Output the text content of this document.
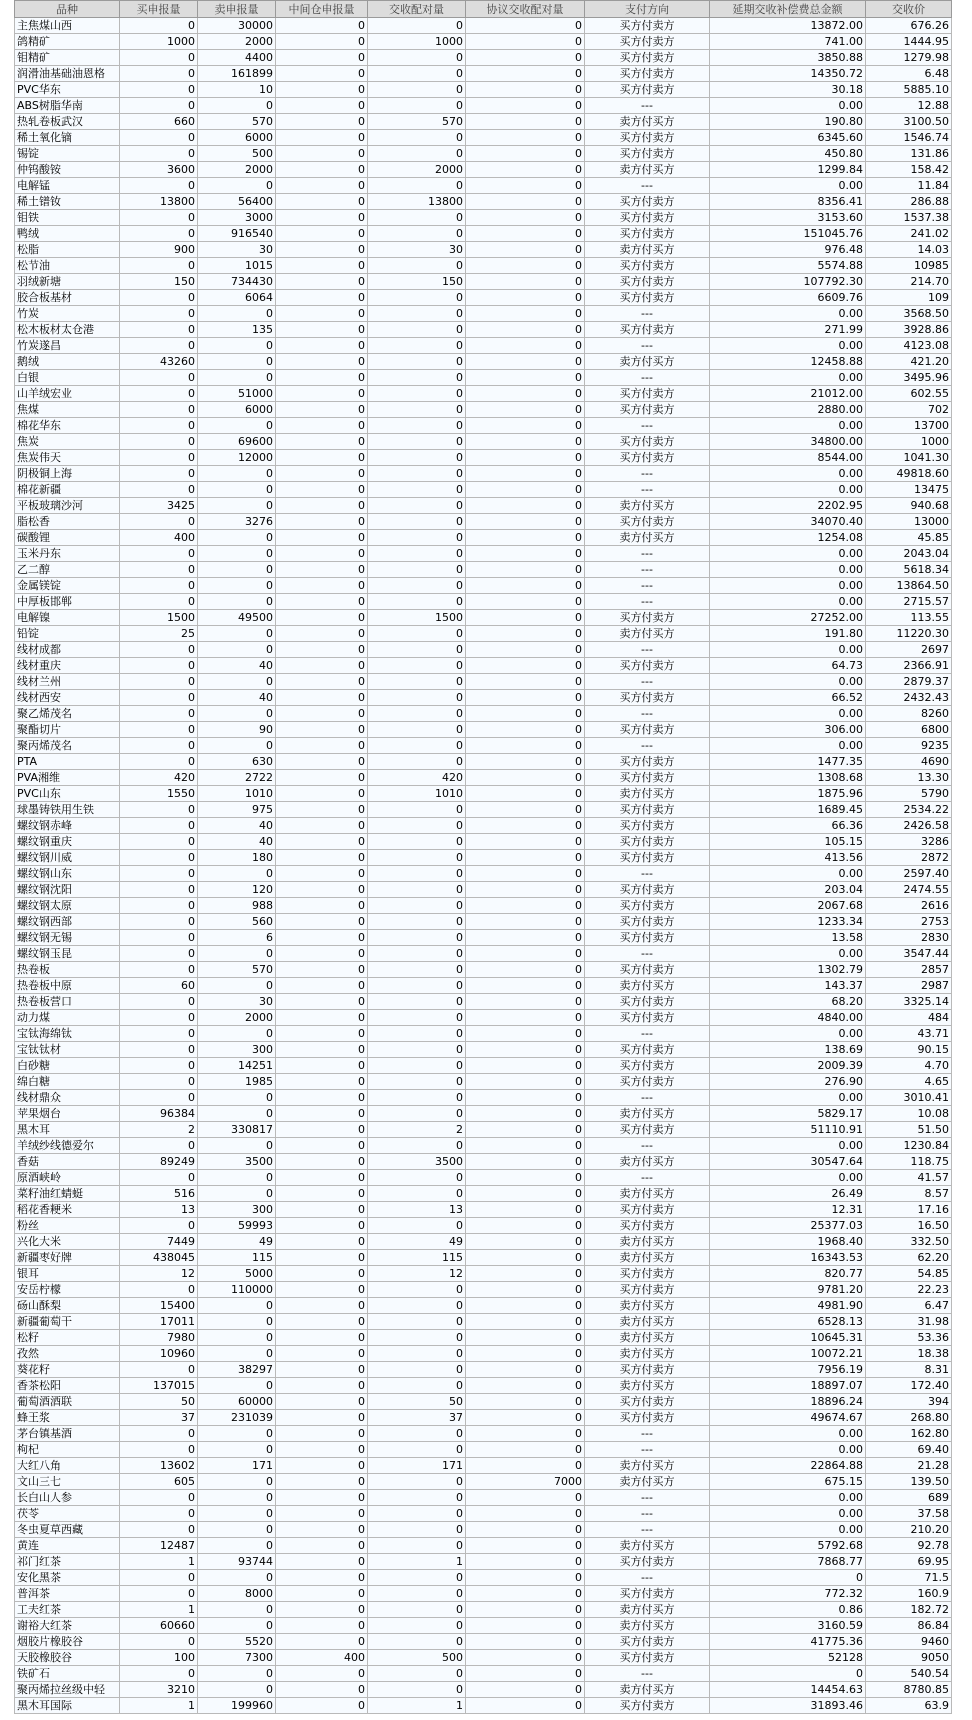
品种	买申报量	卖申报量	中间仓申报量	交收配对量	协议交收配对量	支付方向	延期交收补偿费总金额	交收价
主焦煤山西	0	30000	0	0	0	买方付卖方	13872.00	676.26
鸽精矿	1000	2000	0	1000	0	买方付卖方	741.00	1444.95
钼精矿	0	4400	0	0	0	买方付卖方	3850.88	1279.98
润滑油基础油恩格	0	161899	0	0	0	买方付卖方	14350.72	6.48
PVC华东	0	10	0	0	0	买方付卖方	30.18	5885.10
ABS树脂华南	0	0	0	0	0	---	0.00	12.88
热轧卷板武汉	660	570	0	570	0	卖方付买方	190.80	3100.50
稀土氧化镝	0	6000	0	0	0	买方付卖方	6345.60	1546.74
锡锭	0	500	0	0	0	买方付卖方	450.80	131.86
仲钨酸铵	3600	2000	0	2000	0	卖方付买方	1299.84	158.42
电解锰	0	0	0	0	0	---	0.00	11.84
稀土镨钕	13800	56400	0	13800	0	买方付卖方	8356.41	286.88
钼铁	0	3000	0	0	0	买方付卖方	3153.60	1537.38
鸭绒	0	916540	0	0	0	买方付卖方	151045.76	241.02
松脂	900	30	0	30	0	卖方付买方	976.48	14.03
松节油	0	1015	0	0	0	买方付卖方	5574.88	10985
羽绒新塘	150	734430	0	150	0	买方付卖方	107792.30	214.70
胶合板基材	0	6064	0	0	0	买方付卖方	6609.76	109
竹炭	0	0	0	0	0	---	0.00	3568.50
松木板材太仓港	0	135	0	0	0	买方付卖方	271.99	3928.86
竹炭遂昌	0	0	0	0	0	---	0.00	4123.08
鹅绒	43260	0	0	0	0	卖方付买方	12458.88	421.20
白银	0	0	0	0	0	---	0.00	3495.96
山羊绒宏业	0	51000	0	0	0	买方付卖方	21012.00	602.55
焦煤	0	6000	0	0	0	买方付卖方	2880.00	702
棉花华东	0	0	0	0	0	---	0.00	13700
焦炭	0	69600	0	0	0	买方付卖方	34800.00	1000
焦炭伟天	0	12000	0	0	0	买方付卖方	8544.00	1041.30
阴极铜上海	0	0	0	0	0	---	0.00	49818.60
棉花新疆	0	0	0	0	0	---	0.00	13475
平板玻璃沙河	3425	0	0	0	0	卖方付买方	2202.95	940.68
脂松香	0	3276	0	0	0	买方付卖方	34070.40	13000
碳酸锂	400	0	0	0	0	卖方付买方	1254.08	45.85
玉米丹东	0	0	0	0	0	---	0.00	2043.04
乙二醇	0	0	0	0	0	---	0.00	5618.34
金属镁锭	0	0	0	0	0	---	0.00	13864.50
中厚板邯郸	0	0	0	0	0	---	0.00	2715.57
电解镍	1500	49500	0	1500	0	买方付卖方	27252.00	113.55
铅锭	25	0	0	0	0	卖方付买方	191.80	11220.30
线材成都	0	0	0	0	0	---	0.00	2697
线材重庆	0	40	0	0	0	买方付卖方	64.73	2366.91
线材兰州	0	0	0	0	0	---	0.00	2879.37
线材西安	0	40	0	0	0	买方付卖方	66.52	2432.43
聚乙烯茂名	0	0	0	0	0	---	0.00	8260
聚酯切片	0	90	0	0	0	买方付卖方	306.00	6800
聚丙烯茂名	0	0	0	0	0	---	0.00	9235
PTA	0	630	0	0	0	买方付卖方	1477.35	4690
PVA湘维	420	2722	0	420	0	买方付卖方	1308.68	13.30
PVC山东	1550	1010	0	1010	0	卖方付买方	1875.96	5790
球墨铸铁用生铁	0	975	0	0	0	买方付卖方	1689.45	2534.22
螺纹钢赤峰	0	40	0	0	0	买方付卖方	66.36	2426.58
螺纹钢重庆	0	40	0	0	0	买方付卖方	105.15	3286
螺纹钢川威	0	180	0	0	0	买方付卖方	413.56	2872
螺纹钢山东	0	0	0	0	0	---	0.00	2597.40
螺纹钢沈阳	0	120	0	0	0	买方付卖方	203.04	2474.55
螺纹钢太原	0	988	0	0	0	买方付卖方	2067.68	2616
螺纹钢西部	0	560	0	0	0	买方付卖方	1233.34	2753
螺纹钢无锡	0	6	0	0	0	买方付卖方	13.58	2830
螺纹钢玉昆	0	0	0	0	0	---	0.00	3547.44
热卷板	0	570	0	0	0	买方付卖方	1302.79	2857
热卷板中原	60	0	0	0	0	卖方付买方	143.37	2987
热卷板营口	0	30	0	0	0	买方付卖方	68.20	3325.14
动力煤	0	2000	0	0	0	买方付卖方	4840.00	484
宝钛海绵钛	0	0	0	0	0	---	0.00	43.71
宝钛钛材	0	300	0	0	0	买方付卖方	138.69	90.15
白砂糖	0	14251	0	0	0	买方付卖方	2009.39	4.70
绵白糖	0	1985	0	0	0	买方付卖方	276.90	4.65
线材鼎众	0	0	0	0	0	---	0.00	3010.41
苹果烟台	96384	0	0	0	0	卖方付买方	5829.17	10.08
黑木耳	2	330817	0	2	0	买方付卖方	51110.91	51.50
羊绒纱线德爱尔	0	0	0	0	0	---	0.00	1230.84
香菇	89249	3500	0	3500	0	卖方付买方	30547.64	118.75
原酒峡岭	0	0	0	0	0	---	0.00	41.57
菜籽油红蜻蜓	516	0	0	0	0	卖方付买方	26.49	8.57
稻花香粳米	13	300	0	13	0	买方付卖方	12.31	17.16
粉丝	0	59993	0	0	0	买方付卖方	25377.03	16.50
兴化大米	7449	49	0	49	0	卖方付买方	1968.40	332.50
新疆枣好牌	438045	115	0	115	0	卖方付买方	16343.53	62.20
银耳	12	5000	0	12	0	买方付卖方	820.77	54.85
安岳柠檬	0	110000	0	0	0	买方付卖方	9781.20	22.23
砀山酥梨	15400	0	0	0	0	卖方付买方	4981.90	6.47
新疆葡萄干	17011	0	0	0	0	卖方付买方	6528.13	31.98
松籽	7980	0	0	0	0	卖方付买方	10645.31	53.36
孜然	10960	0	0	0	0	卖方付买方	10072.21	18.38
葵花籽	0	38297	0	0	0	买方付卖方	7956.19	8.31
香茶松阳	137015	0	0	0	0	卖方付买方	18897.07	172.40
葡萄酒酒联	50	60000	0	50	0	买方付卖方	18896.24	394
蜂王浆	37	231039	0	37	0	买方付卖方	49674.67	268.80
茅台镇基酒	0	0	0	0	0	---	0.00	162.80
枸杞	0	0	0	0	0	---	0.00	69.40
大红八角	13602	171	0	171	0	卖方付买方	22864.88	21.28
文山三七	605	0	0	0	7000	卖方付买方	675.15	139.50
长白山人参	0	0	0	0	0	---	0.00	689
茯苓	0	0	0	0	0	---	0.00	37.58
冬虫夏草西藏	0	0	0	0	0	---	0.00	210.20
黄连	12487	0	0	0	0	卖方付买方	5792.68	92.78
祁门红茶	1	93744	0	1	0	买方付卖方	7868.77	69.95
安化黑茶	0	0	0	0	0	---	0	71.5
普洱茶	0	8000	0	0	0	买方付卖方	772.32	160.9
工夫红茶	1	0	0	0	0	卖方付买方	0.86	182.72
谢裕大红茶	60660	0	0	0	0	卖方付买方	3160.59	86.84
烟胶片橡胶谷	0	5520	0	0	0	买方付卖方	41775.36	9460
天胶橡胶谷	100	7300	400	500	0	买方付卖方	52128	9050
铁矿石	0	0	0	0	0	---	0	540.54
聚丙烯拉丝级中轻	3210	0	0	0	0	卖方付买方	14454.63	8780.85
黑木耳国际	1	199960	0	1	0	买方付卖方	31893.46	63.9
